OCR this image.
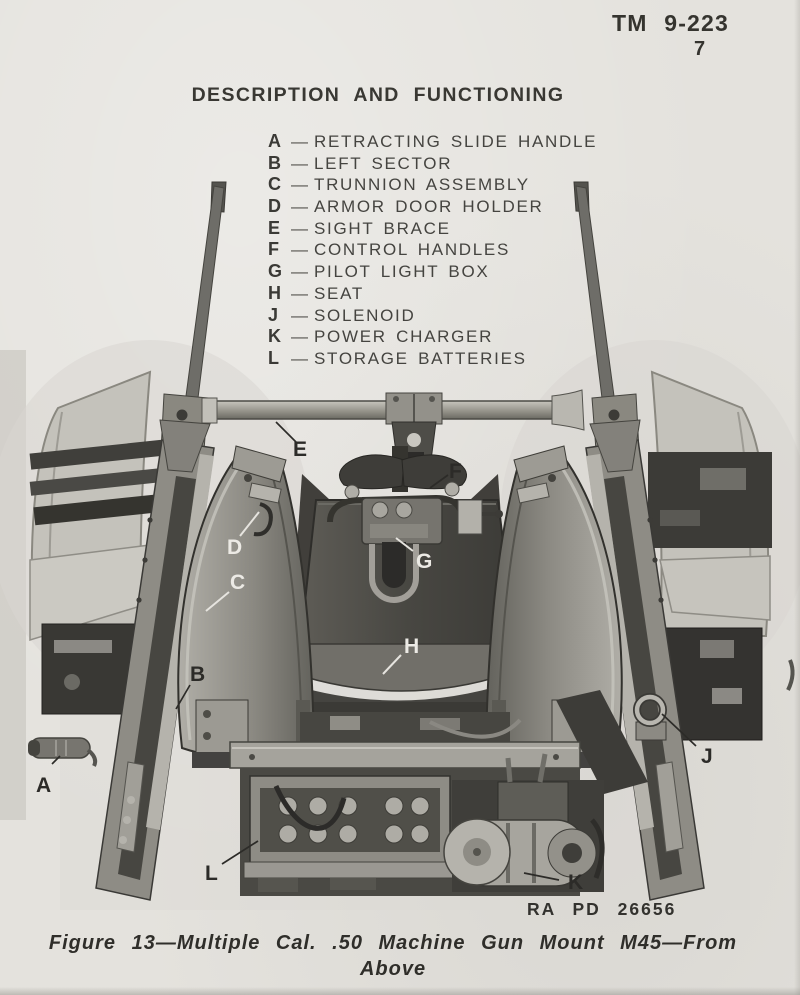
A
B
C
D
E
F
G
H
J
K
L
RA PD 26656
TM 9-223
7
DESCRIPTION AND FUNCTIONING
A — RETRACTING SLIDE HANDLE
B — LEFT SECTOR
C — TRUNNION ASSEMBLY
D — ARMOR DOOR HOLDER
E — SIGHT BRACE
F — CONTROL HANDLES
G — PILOT LIGHT BOX
H — SEAT
J — SOLENOID
K — POWER CHARGER
L — STORAGE BATTERIES
Figure 13—Multiple Cal. .50 Machine Gun Mount M45—From
Above
